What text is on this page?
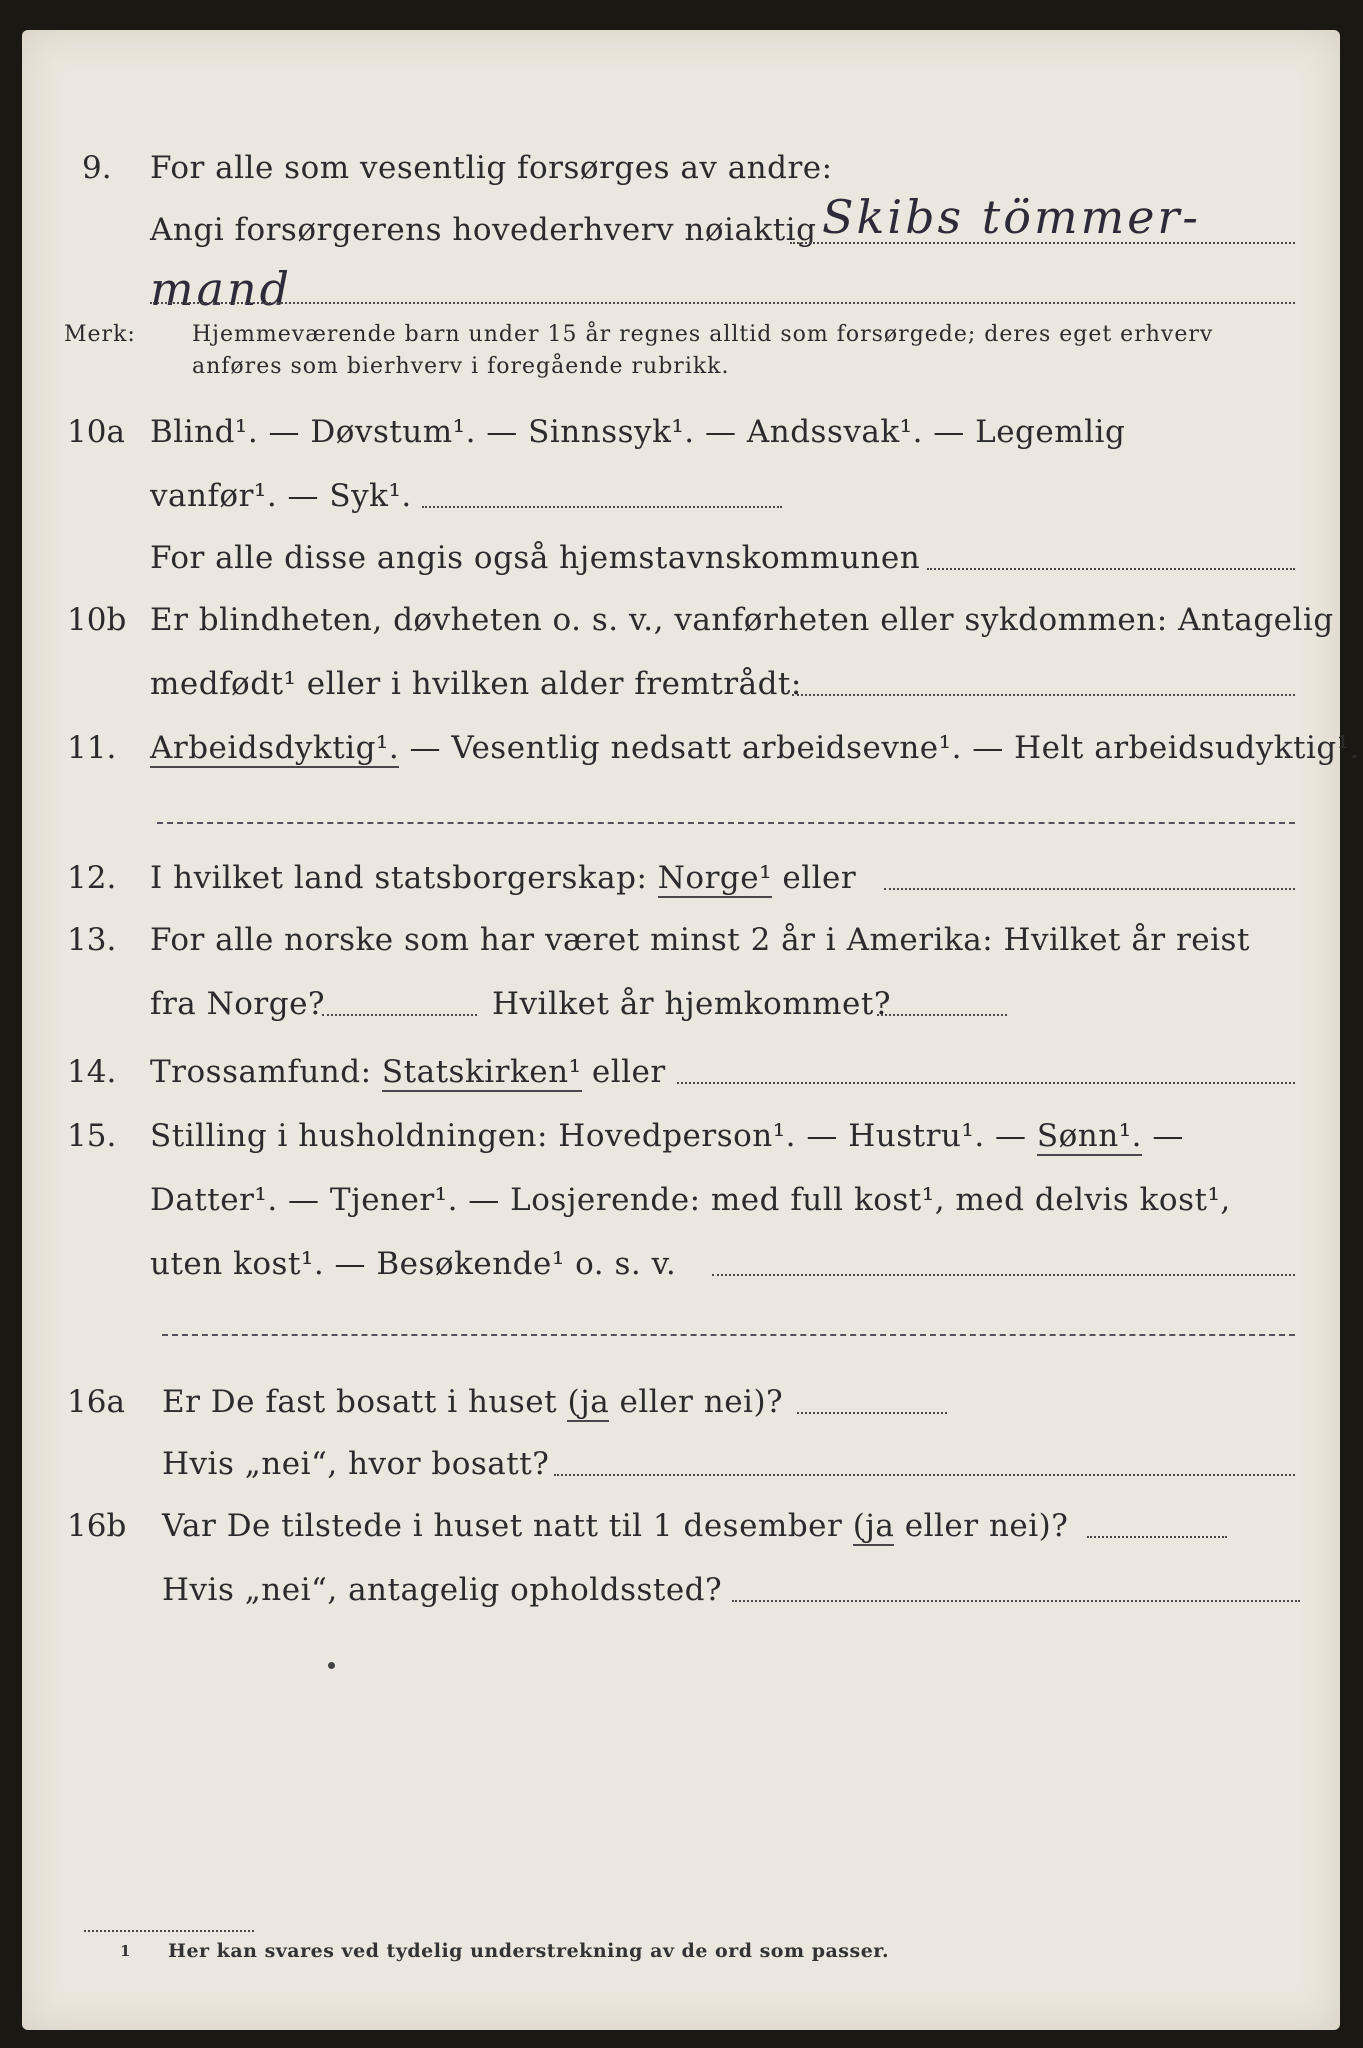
9. For alle som vesentlig forsørges av andre:
Angi forsørgerens hovederhverv nøiaktig Skibs tömmer-
mand
Merk:	Hjemmeværende barn under 15 år regnes alltid som forsørgede; deres eget erhverv
anføres som bierhverv i foregående rubrikk.
10a Blind¹. — Døvstum¹. — Sinnssyk¹. — Andssvak¹. — Legemlig
vanfør¹. — Syk¹.
For alle disse angis også hjemstavnskommunen
10b Er blindheten, døvheten o. s. v., vanførheten eller sykdommen: Antagelig
medfødt¹ eller i hvilken alder fremtrådt:
11. Arbeidsdyktig¹. — Vesentlig nedsatt arbeidsevne¹. — Helt arbeidsudyktig¹.
12. I hvilket land statsborgerskap: Norge¹ eller
13. For alle norske som har været minst 2 år i Amerika: Hvilket år reist
fra Norge?	Hvilket år hjemkommet?
14. Trossamfund: Statskirken¹ eller
15. Stilling i husholdningen: Hovedperson¹. — Hustru¹. — Sønn¹. —
Datter¹. — Tjener¹. — Losjerende: med full kost¹, med delvis kost¹,
uten kost¹. — Besøkende¹ o. s. v.
16a Er De fast bosatt i huset (ja eller nei)?
Hvis „nei“, hvor bosatt?
16b Var De tilstede i huset natt til 1 desember (ja eller nei)?
Hvis „nei“, antagelig opholdssted?
1 Her kan svares ved tydelig understrekning av de ord som passer.
